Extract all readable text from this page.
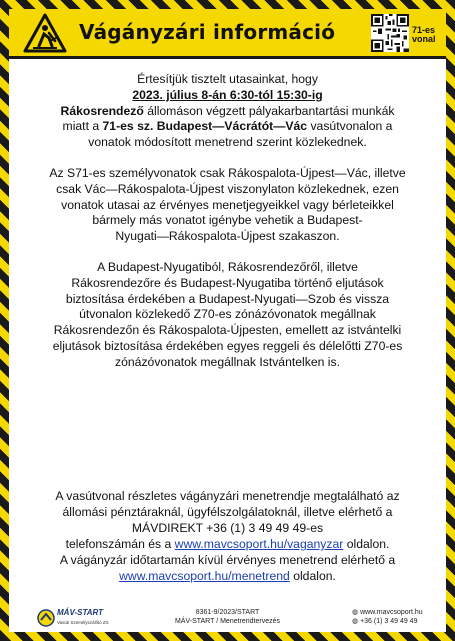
Vágányzári információ	71-es vonal

Értesítjük tisztelt utasainkat, hogy

2023. július 8-án 6:30-tól 15:30-ig

Rákosrendező állomáson végzett pályakarbantartási munkák

miatt a 71-es sz. Budapest—Vácrátót—Vác vasútvonalon a

vonatok módosított menetrend szerint közlekednek.

Az S71-es személyvonatok csak Rákospalota-Újpest—Vác, illetve

csak Vác—Rákospalota-Újpest viszonylaton közlekednek, ezen

vonatok utasai az érvényes menetjegyeikkel vagy bérleteikkel

bármely más vonatot igénybe vehetik a Budapest-

Nyugati—Rákospalota-Újpest szakaszon.

A Budapest-Nyugatiból, Rákosrendezőről, illetve

Rákosrendezőre és Budapest-Nyugatiba történő eljutások

biztosítása érdekében a Budapest-Nyugati—Szob és vissza

útvonalon közlekedő Z70-es zónázóvonatok megállnak

Rákosrendezőn és Rákospalota-Újpesten, emellett az istvántelki

eljutások biztosítása érdekében egyes reggeli és délelőtti Z70-es

zónázóvonatok megállnak Istvántelken is.

A vasútvonal részletes vágányzári menetrendje megtalálható az

állomási pénztáraknál, ügyfélszolgálatoknál, illetve elérhető a

MÁVDIREKT +36 (1) 3 49 49 49-es

telefonszámán és a www.mavcsoport.hu/vaganyzar oldalon.

A vágányzár időtartamán kívül érvényes menetrend elérhető a

www.mavcsoport.hu/menetrend oldalon.

MÁV-START
Vasúti Személyszállító Zrt.
8361-9/2023/START
MÁV-START / Menetrendtervezés
◍ www.mavcsoport.hu
◍ +36 (1) 3 49 49 49
